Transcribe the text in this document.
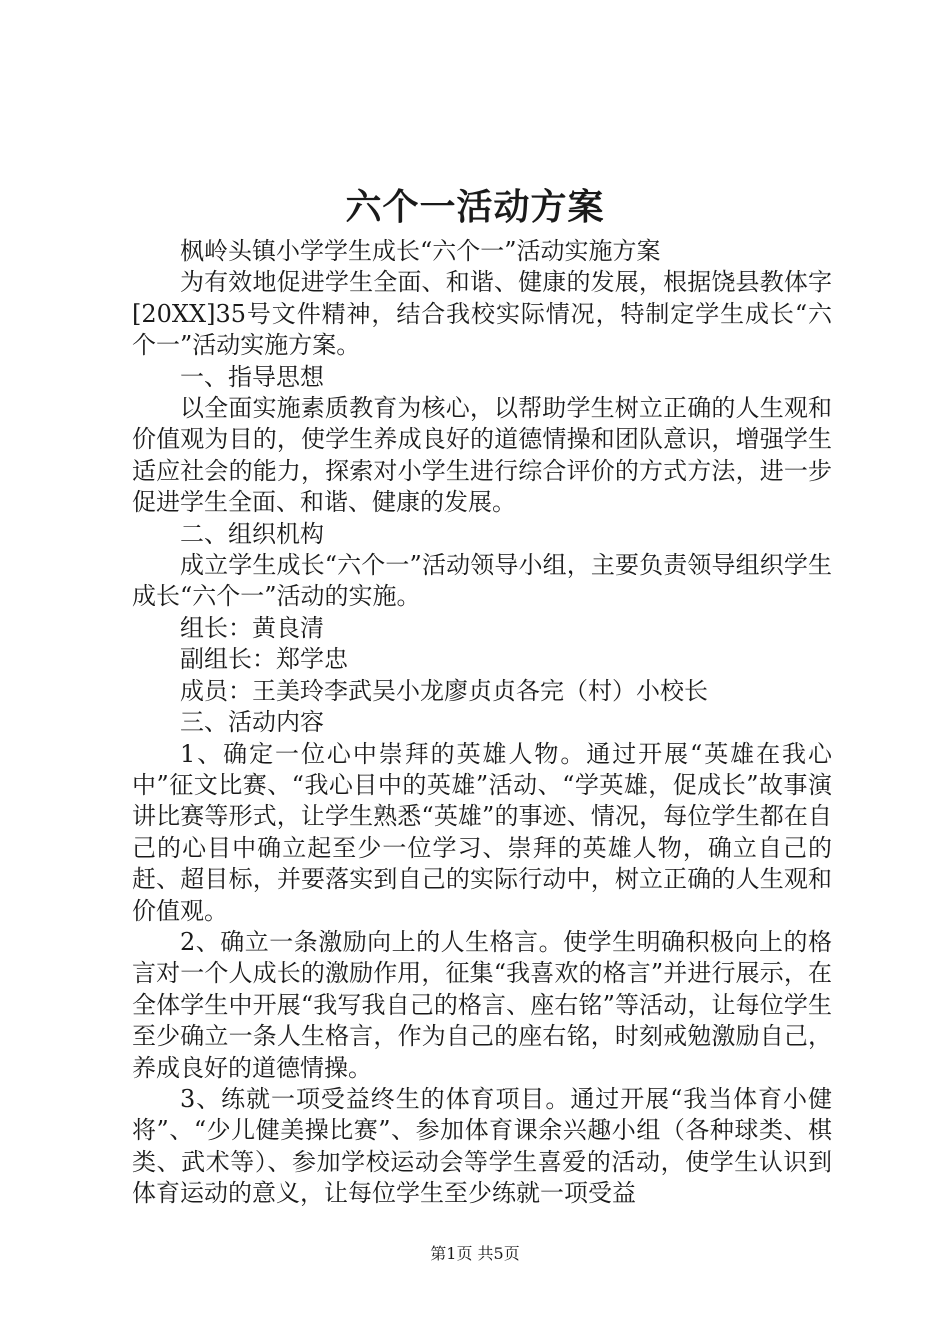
六个一活动方案

枫岭头镇小学学生成长“六个一”活动实施方案

为有效地促进学生全面、和谐、健康的发展，根据饶县教体字[20XX]35号文件精神，结合我校实际情况，特制定学生成长“六个一”活动实施方案。

一、指导思想

以全面实施素质教育为核心，以帮助学生树立正确的人生观和价值观为目的，使学生养成良好的道德情操和团队意识，增强学生适应社会的能力，探索对小学生进行综合评价的方式方法，进一步促进学生全面、和谐、健康的发展。

二、组织机构

成立学生成长“六个一”活动领导小组，主要负责领导组织学生成长“六个一”活动的实施。

组长：黄良清

副组长：郑学忠

成员：王美玲李武吴小龙廖贞贞各完（村）小校长

三、活动内容

1、确定一位心中崇拜的英雄人物。通过开展“英雄在我心中”征文比赛、“我心目中的英雄”活动、“学英雄，促成长”故事演讲比赛等形式，让学生熟悉“英雄”的事迹、情况，每位学生都在自己的心目中确立起至少一位学习、崇拜的英雄人物，确立自己的赶、超目标，并要落实到自己的实际行动中，树立正确的人生观和价值观。

2、确立一条激励向上的人生格言。使学生明确积极向上的格言对一个人成长的激励作用，征集“我喜欢的格言”并进行展示，在全体学生中开展“我写我自己的格言、座右铭”等活动，让每位学生至少确立一条人生格言，作为自己的座右铭，时刻戒勉激励自己，养成良好的道德情操。

3、练就一项受益终生的体育项目。通过开展“我当体育小健将”、“少儿健美操比赛”、参加体育课余兴趣小组（各种球类、棋类、武术等）、参加学校运动会等学生喜爱的活动，使学生认识到体育运动的意义，让每位学生至少练就一项受益

第1页 共5页
